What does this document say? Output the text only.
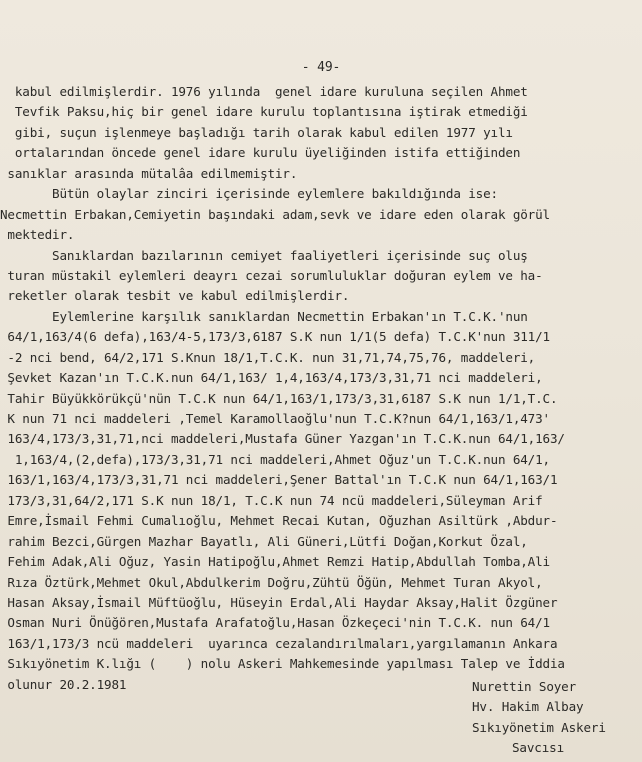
- 49-
kabul edilmişlerdir. 1976 yılında  genel idare kuruluna seçilen Ahmet
Tevfik Paksu,hiç bir genel idare kurulu toplantısına iştirak etmediği
gibi, suçun işlenmeye başladığı tarih olarak kabul edilen 1977 yılı
ortalarından öncede genel idare kurulu üyeliğinden istifa ettiğinden
sanıklar arasında mütalâa edilmemiştir.
Bütün olaylar zinciri içerisinde eylemlere bakıldığında ise:
Necmettin Erbakan,Cemiyetin başındaki adam,sevk ve idare eden olarak görül
mektedir.
Sanıklardan bazılarının cemiyet faaliyetleri içerisinde suç oluş
turan müstakil eylemleri deayrı cezai sorumluluklar doğuran eylem ve ha-
reketler olarak tesbit ve kabul edilmişlerdir.
Eylemlerine karşılık sanıklardan Necmettin Erbakan'ın T.C.K.'nun
64/1,163/4(6 defa),163/4-5,173/3,6187 S.K nun 1/1(5 defa) T.C.K'nun 311/1
-2 nci bend, 64/2,171 S.Knun 18/1,T.C.K. nun 31,71,74,75,76, maddeleri,
Şevket Kazan'ın T.C.K.nun 64/1,163/ 1,4,163/4,173/3,31,71 nci maddeleri,
Tahir Büyükkörükçü'nün T.C.K nun 64/1,163/1,173/3,31,6187 S.K nun 1/1,T.C.
K nun 71 nci maddeleri ,Temel Karamollaoğlu'nun T.C.K?nun 64/1,163/1,473'
163/4,173/3,31,71,nci maddeleri,Mustafa Güner Yazgan'ın T.C.K.nun 64/1,163/
1,163/4,(2,defa),173/3,31,71 nci maddeleri,Ahmet Oğuz'un T.C.K.nun 64/1,
163/1,163/4,173/3,31,71 nci maddeleri,Şener Battal'ın T.C.K nun 64/1,163/1
173/3,31,64/2,171 S.K nun 18/1, T.C.K nun 74 ncü maddeleri,Süleyman Arif
Emre,İsmail Fehmi Cumalıoğlu, Mehmet Recai Kutan, Oğuzhan Asiltürk ,Abdur-
rahim Bezci,Gürgen Mazhar Bayatlı, Ali Güneri,Lütfi Doğan,Korkut Özal,
Fehim Adak,Ali Oğuz, Yasin Hatipoğlu,Ahmet Remzi Hatip,Abdullah Tomba,Ali
Rıza Öztürk,Mehmet Okul,Abdulkerim Doğru,Zühtü Öğün, Mehmet Turan Akyol,
Hasan Aksay,İsmail Müftüoğlu, Hüseyin Erdal,Ali Haydar Aksay,Halit Özgüner
Osman Nuri Önüğören,Mustafa Arafatoğlu,Hasan Özkeçeci'nin T.C.K. nun 64/1
163/1,173/3 ncü maddeleri  uyarınca cezalandırılmaları,yargılamanın Ankara
Sıkıyönetim K.lığı (    ) nolu Askeri Mahkemesinde yapılması Talep ve İddia
olunur 20.2.1981	Nurettin Soyer
Hv. Hakim Albay
Sıkıyönetim Askeri
Savcısı
